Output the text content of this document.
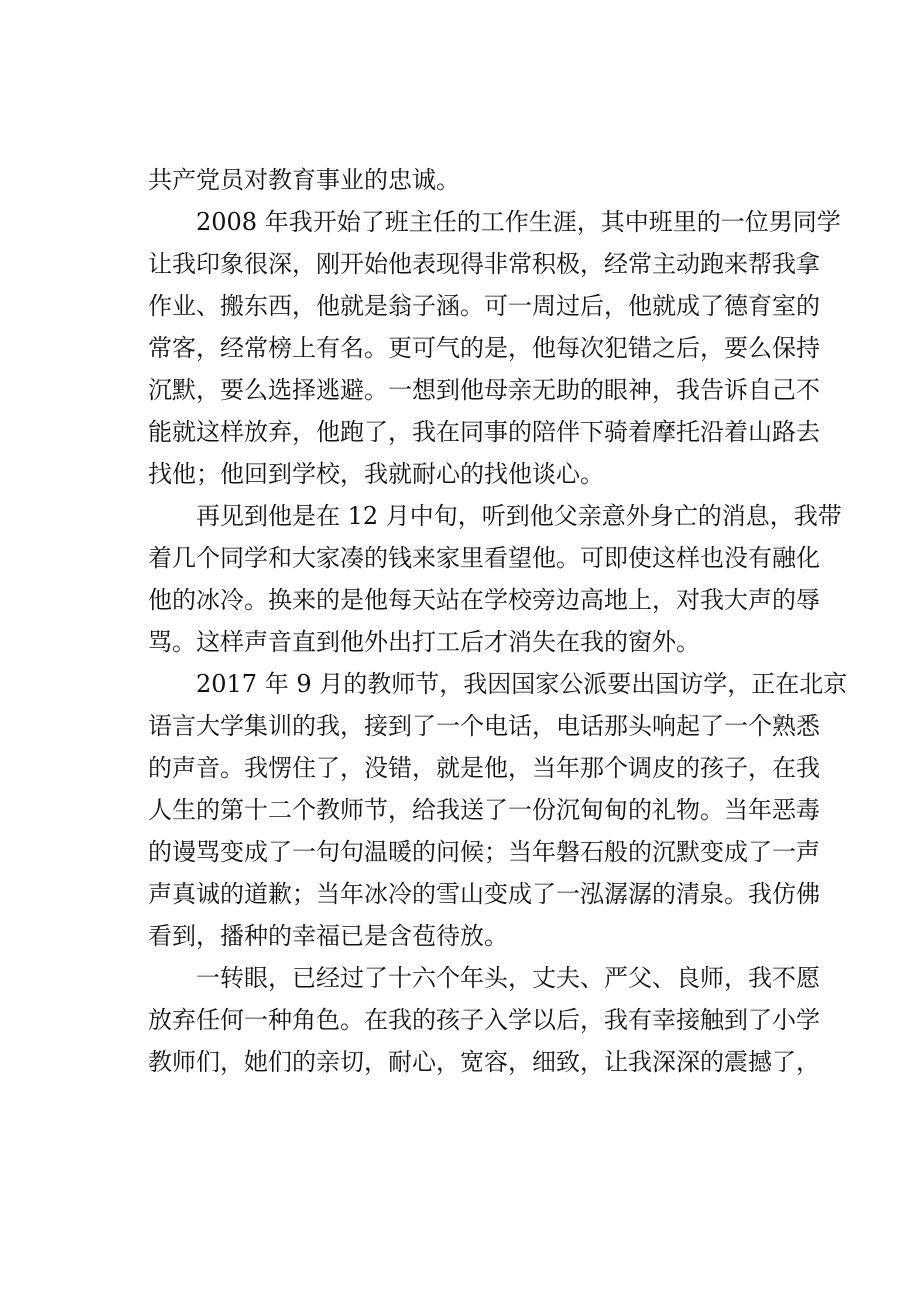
共产党员对教育事业的忠诚。
2008 年我开始了班主任的工作生涯，其中班里的一位男同学
让我印象很深，刚开始他表现得非常积极，经常主动跑来帮我拿
作业、搬东西，他就是翁子涵。可一周过后，他就成了德育室的
常客，经常榜上有名。更可气的是，他每次犯错之后，要么保持
沉默，要么选择逃避。一想到他母亲无助的眼神，我告诉自己不
能就这样放弃，他跑了，我在同事的陪伴下骑着摩托沿着山路去
找他；他回到学校，我就耐心的找他谈心。
再见到他是在 12 月中旬，听到他父亲意外身亡的消息，我带
着几个同学和大家凑的钱来家里看望他。可即使这样也没有融化
他的冰冷。换来的是他每天站在学校旁边高地上，对我大声的辱
骂。这样声音直到他外出打工后才消失在我的窗外。
2017 年 9 月的教师节，我因国家公派要出国访学，正在北京
语言大学集训的我，接到了一个电话，电话那头响起了一个熟悉
的声音。我愣住了，没错，就是他，当年那个调皮的孩子，在我
人生的第十二个教师节，给我送了一份沉甸甸的礼物。当年恶毒
的谩骂变成了一句句温暖的问候；当年磐石般的沉默变成了一声
声真诚的道歉；当年冰冷的雪山变成了一泓潺潺的清泉。我仿佛
看到，播种的幸福已是含苞待放。
一转眼，已经过了十六个年头，丈夫、严父、良师，我不愿
放弃任何一种角色。在我的孩子入学以后，我有幸接触到了小学
教师们，她们的亲切，耐心，宽容，细致，让我深深的震撼了，
